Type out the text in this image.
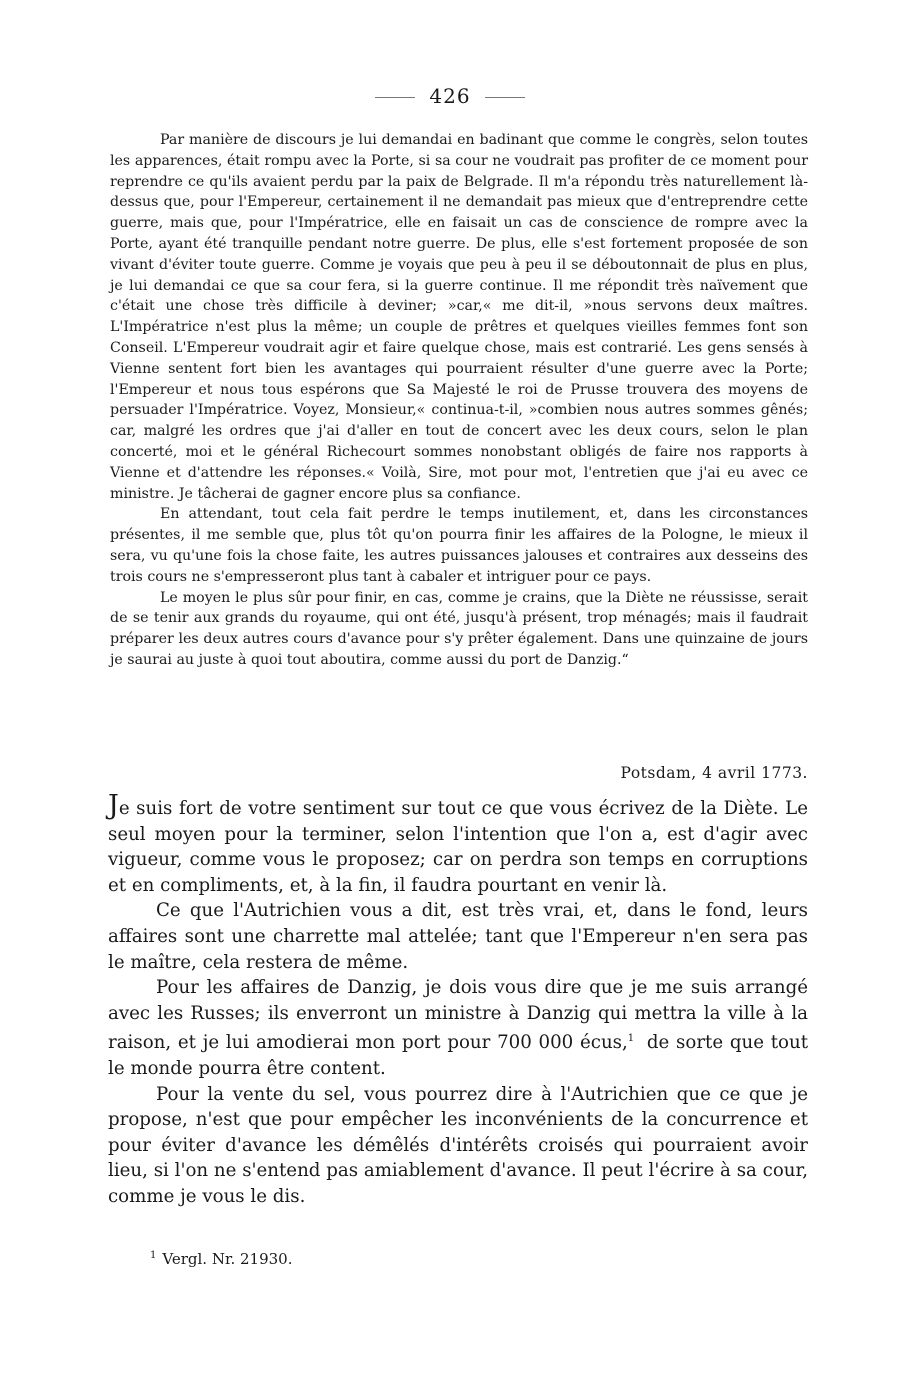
426

Par manière de discours je lui demandai en badinant que comme le congrès, selon toutes les apparences, était rompu avec la Porte, si sa cour ne voudrait pas profiter de ce moment pour reprendre ce qu'ils avaient perdu par la paix de Belgrade. Il m'a répondu très naturellement là-dessus que, pour l'Empereur, certainement il ne demandait pas mieux que d'entreprendre cette guerre, mais que, pour l'Impératrice, elle en faisait un cas de conscience de rompre avec la Porte, ayant été tranquille pendant notre guerre. De plus, elle s'est fortement proposée de son vivant d'éviter toute guerre. Comme je voyais que peu à peu il se déboutonnait de plus en plus, je lui demandai ce que sa cour fera, si la guerre continue. Il me répondit très naïvement que c'était une chose très difficile à deviner; »car,« me dit-il, »nous servons deux maîtres. L'Impératrice n'est plus la même; un couple de prêtres et quelques vieilles femmes font son Conseil. L'Empereur voudrait agir et faire quelque chose, mais est contrarié. Les gens sensés à Vienne sentent fort bien les avantages qui pourraient résulter d'une guerre avec la Porte; l'Empereur et nous tous espérons que Sa Majesté le roi de Prusse trouvera des moyens de persuader l'Impératrice. Voyez, Monsieur,« continua-t-il, »combien nous autres sommes gênés; car, malgré les ordres que j'ai d'aller en tout de concert avec les deux cours, selon le plan concerté, moi et le général Richecourt sommes nonobstant obligés de faire nos rapports à Vienne et d'attendre les réponses.« Voilà, Sire, mot pour mot, l'entretien que j'ai eu avec ce ministre. Je tâcherai de gagner encore plus sa confiance.

En attendant, tout cela fait perdre le temps inutilement, et, dans les circonstances présentes, il me semble que, plus tôt qu'on pourra finir les affaires de la Pologne, le mieux il sera, vu qu'une fois la chose faite, les autres puissances jalouses et contraires aux desseins des trois cours ne s'empresseront plus tant à cabaler et intriguer pour ce pays.

Le moyen le plus sûr pour finir, en cas, comme je crains, que la Diète ne réussisse, serait de se tenir aux grands du royaume, qui ont été, jusqu'à présent, trop ménagés; mais il faudrait préparer les deux autres cours d'avance pour s'y prêter également. Dans une quinzaine de jours je saurai au juste à quoi tout aboutira, comme aussi du port de Danzig.“

Potsdam, 4 avril 1773.

Je suis fort de votre sentiment sur tout ce que vous écrivez de la Diète. Le seul moyen pour la terminer, selon l'intention que l'on a, est d'agir avec vigueur, comme vous le proposez; car on perdra son temps en corruptions et en compliments, et, à la fin, il faudra pourtant en venir là.

Ce que l'Autrichien vous a dit, est très vrai, et, dans le fond, leurs affaires sont une charrette mal attelée; tant que l'Empereur n'en sera pas le maître, cela restera de même.

Pour les affaires de Danzig, je dois vous dire que je me suis arrangé avec les Russes; ils enverront un ministre à Danzig qui mettra la ville à la raison, et je lui amodierai mon port pour 700 000 écus,$^1$ de sorte que tout le monde pourra être content.

Pour la vente du sel, vous pourrez dire à l'Autrichien que ce que je propose, n'est que pour empêcher les inconvénients de la concurrence et pour éviter d'avance les démêlés d'intérêts croisés qui pourraient avoir lieu, si l'on ne s'entend pas amiablement d'avance. Il peut l'écrire à sa cour, comme je vous le dis.

$^1$ Vergl. Nr. 21930.
